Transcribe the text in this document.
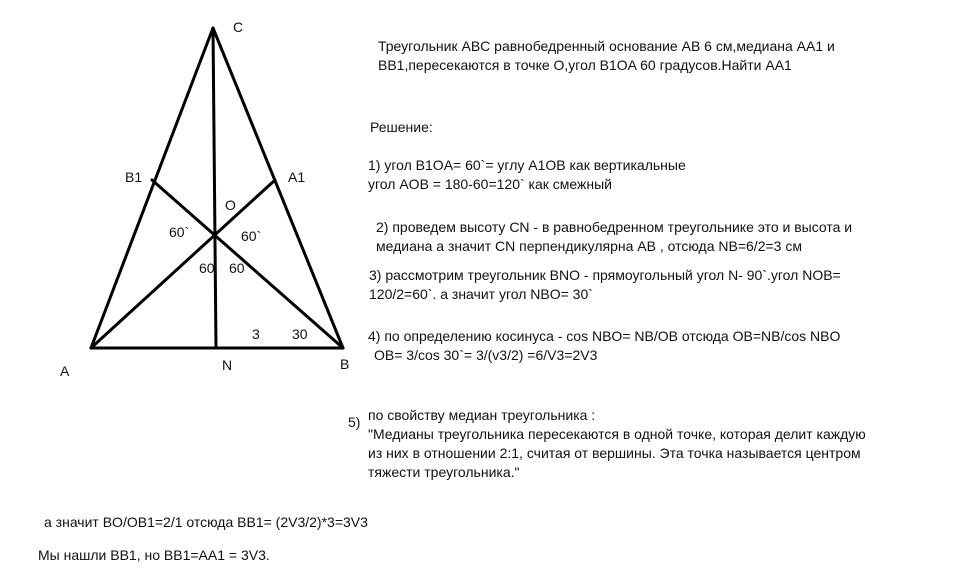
C
B1	A1
O
60`	60`
60 60
3 30
A	N	B
Треугольник ABC равнобедренный основание AB 6 см,медиана AA1 и
BB1,пересекаются в точке O,угол B1OA 60 градусов.Найти AA1
Решение:
1) угол B1OA= 60`= углу A1OB как вертикальные
угол AOB = 180-60=120` как смежный
2) проведем высоту CN - в равнобедренном треугольнике это и высота и
медиана а значит CN перпендикулярна AB , отсюда NB=6/2=3 см
3) рассмотрим треугольник BNO - прямоугольный угол N- 90`.угол NOB=
120/2=60`. а значит угол NBO= 30`
4) по определению косинуса - cos NBO= NB/OB отсюда OB=NB/cos NBO
OB= 3/cos 30`= 3/(v3/2) =6/V3=2V3
5) по свойству медиан треугольника :
"Медианы треугольника пересекаются в одной точке, которая делит каждую
из них в отношении 2:1, считая от вершины. Эта точка называется центром
тяжести треугольника."
а значит BO/OB1=2/1 отсюда BB1= (2V3/2)*3=3V3
Мы нашли BB1, но BB1=AA1 = 3V3.
